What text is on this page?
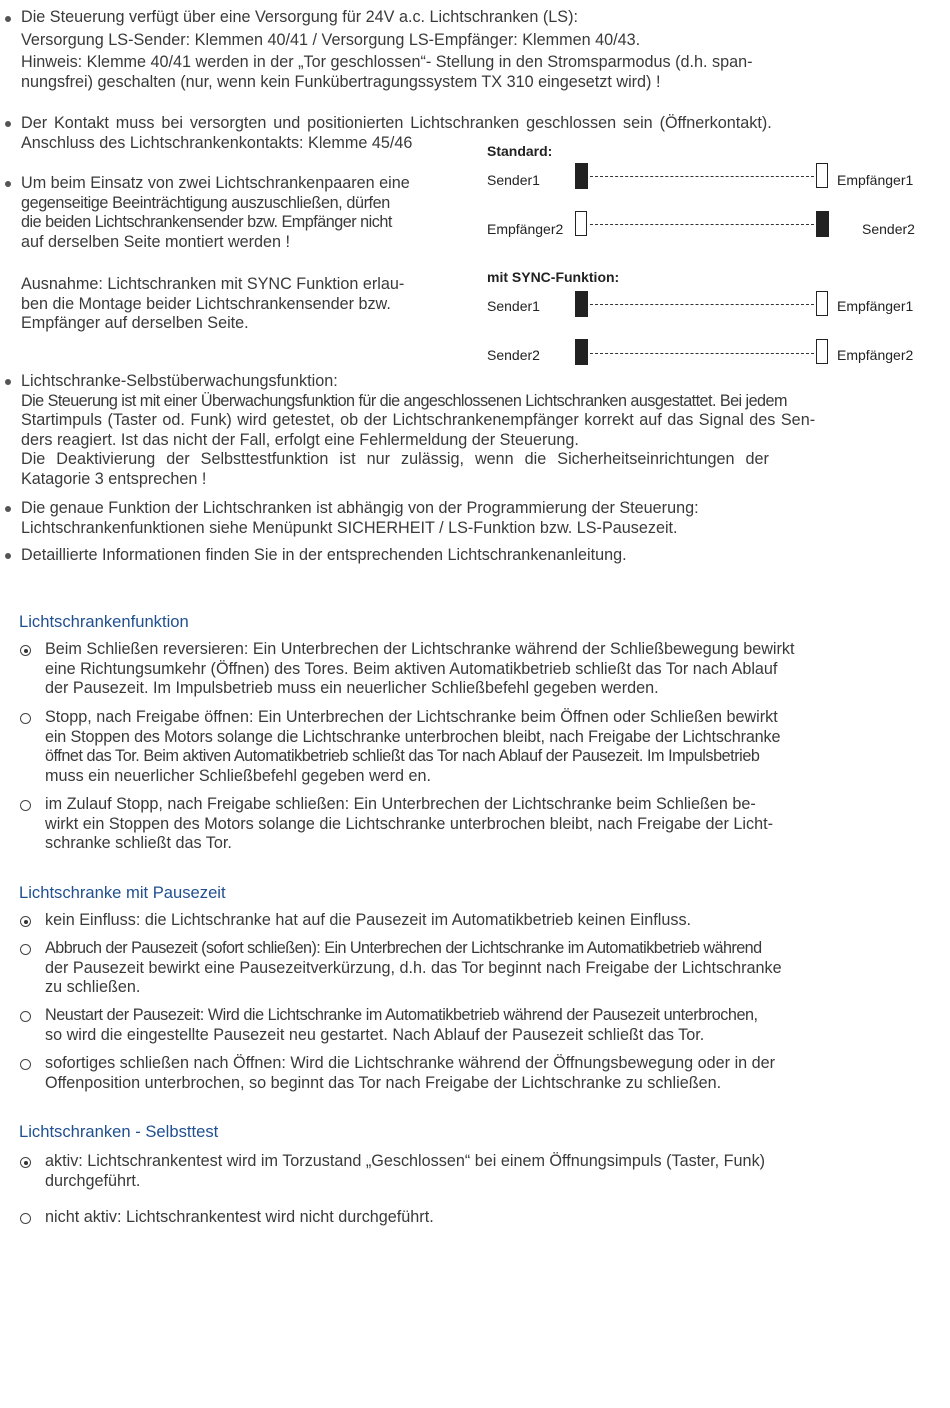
Die Steuerung verfügt über eine Versorgung für 24V a.c. Lichtschranken (LS):
Versorgung LS-Sender: Klemmen 40/41 / Versorgung LS-Empfänger: Klemmen 40/43.
Hinweis: Klemme 40/41 werden in der „Tor geschlossen“- Stellung in den Stromsparmodus (d.h. span-
nungsfrei) geschalten (nur, wenn kein Funkübertragungssystem TX 310 eingesetzt wird) !
Der Kontakt muss bei versorgten und positionierten Lichtschranken geschlossen sein (Öffnerkontakt).
Anschluss des Lichtschrankenkontakts: Klemme 45/46
Um beim Einsatz von zwei Lichtschrankenpaaren eine
gegenseitige Beeinträchtigung auszuschließen, dürfen
die beiden Lichtschrankensender bzw. Empfänger nicht
auf derselben Seite montiert werden !
Ausnahme: Lichtschranken mit SYNC Funktion erlau-
ben die Montage beider Lichtschrankensender bzw.
Empfänger auf derselben Seite.
Standard:
Sender1	Empfänger1
Empfänger2	Sender2
mit SYNC-Funktion:
Sender1	Empfänger1
Sender2	Empfänger2
Lichtschranke-Selbstüberwachungsfunktion:
Die Steuerung ist mit einer Überwachungsfunktion für die angeschlossenen Lichtschranken ausgestattet. Bei jedem
Startimpuls (Taster od. Funk) wird getestet, ob der Lichtschrankenempfänger korrekt auf das Signal des Sen-
ders reagiert. Ist das nicht der Fall, erfolgt eine Fehlermeldung der Steuerung.
Die Deaktivierung der Selbsttestfunktion ist nur zulässig, wenn die Sicherheitseinrichtungen der
Katagorie 3 entsprechen !
Die genaue Funktion der Lichtschranken ist abhängig von der Programmierung der Steuerung:
Lichtschrankenfunktionen siehe Menüpunkt SICHERHEIT / LS-Funktion bzw. LS-Pausezeit.
Detaillierte Informationen finden Sie in der entsprechenden Lichtschrankenanleitung.
Lichtschrankenfunktion
Beim Schließen reversieren: Ein Unterbrechen der Lichtschranke während der Schließbewegung bewirkt
eine Richtungsumkehr (Öffnen) des Tores. Beim aktiven Automatikbetrieb schließt das Tor nach Ablauf
der Pausezeit. Im Impulsbetrieb muss ein neuerlicher Schließbefehl gegeben werden.
Stopp, nach Freigabe öffnen: Ein Unterbrechen der Lichtschranke beim Öffnen oder Schließen bewirkt
ein Stoppen des Motors solange die Lichtschranke unterbrochen bleibt, nach Freigabe der Lichtschranke
öffnet das Tor. Beim aktiven Automatikbetrieb schließt das Tor nach Ablauf der Pausezeit. Im Impulsbetrieb
muss ein neuerlicher Schließbefehl gegeben werd en.
im Zulauf Stopp, nach Freigabe schließen: Ein Unterbrechen der Lichtschranke beim Schließen be-
wirkt ein Stoppen des Motors solange die Lichtschranke unterbrochen bleibt, nach Freigabe der Licht-
schranke schließt das Tor.
Lichtschranke mit Pausezeit
kein Einfluss: die Lichtschranke hat auf die Pausezeit im Automatikbetrieb keinen Einfluss.
Abbruch der Pausezeit (sofort schließen): Ein Unterbrechen der Lichtschranke im Automatikbetrieb während
der Pausezeit bewirkt eine Pausezeitverkürzung, d.h. das Tor beginnt nach Freigabe der Lichtschranke
zu schließen.
Neustart der Pausezeit: Wird die Lichtschranke im Automatikbetrieb während der Pausezeit unterbrochen,
so wird die eingestellte Pausezeit neu gestartet. Nach Ablauf der Pausezeit schließt das Tor.
sofortiges schließen nach Öffnen: Wird die Lichtschranke während der Öffnungsbewegung oder in der
Offenposition unterbrochen, so beginnt das Tor nach Freigabe der Lichtschranke zu schließen.
Lichtschranken - Selbsttest
aktiv: Lichtschrankentest wird im Torzustand „Geschlossen“ bei einem Öffnungsimpuls (Taster, Funk)
durchgeführt.
nicht aktiv: Lichtschrankentest wird nicht durchgeführt.
